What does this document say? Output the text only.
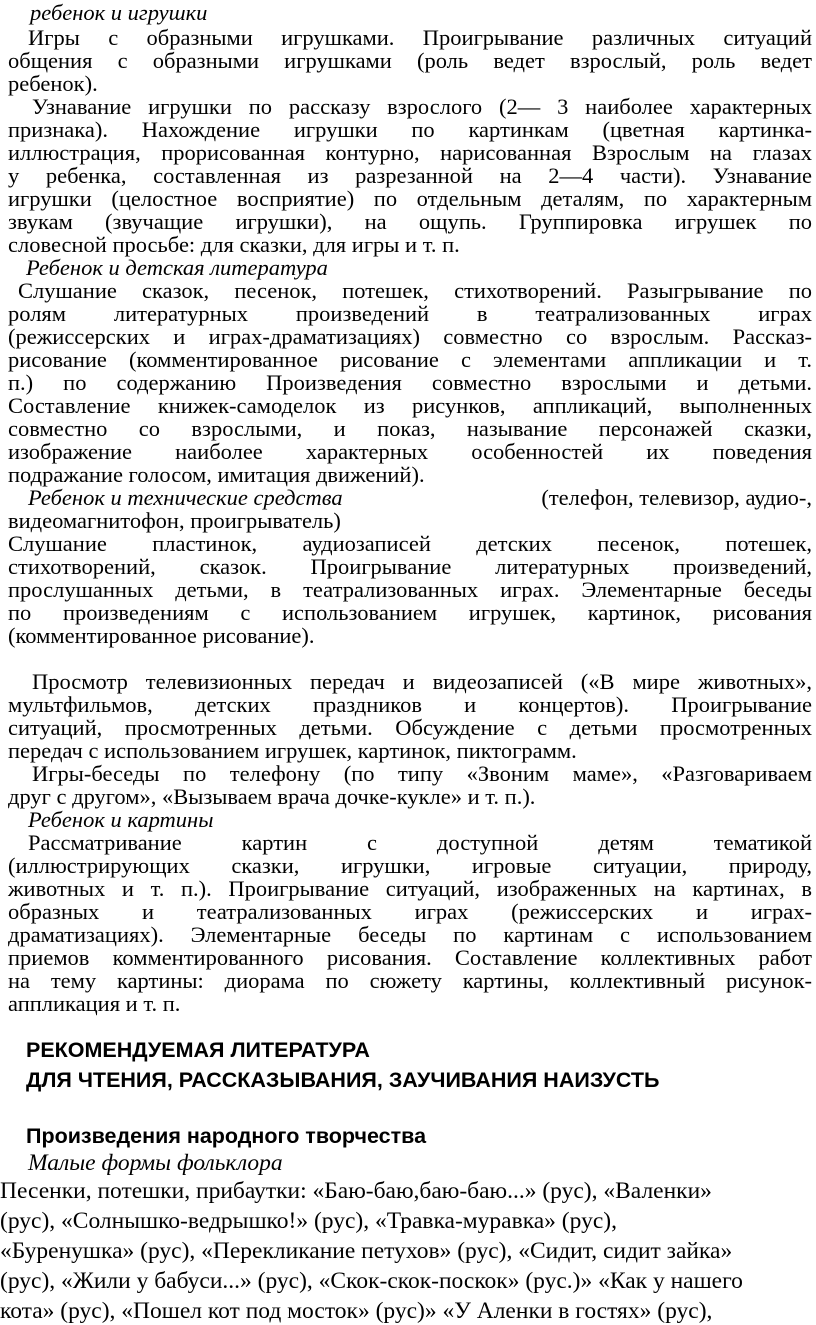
ребенок и игрушки
Игры с образными игрушками. Проигрывание различных ситуаций
общения с образными игрушками (роль ведет взрослый, роль ведет
ребенок).
Узнавание игрушки по рассказу взрослого (2— 3 наиболее характерных
признака). Нахождение игрушки по картинкам (цветная картинка-
иллюстрация, прорисованная контурно, нарисованная Взрослым на глазах
у ребенка, составленная из разрезанной на 2—4 части). Узнавание
игрушки (целостное восприятие) по отдельным деталям, по характерным
звукам (звучащие игрушки), на ощупь. Группировка игрушек по
словесной просьбе: для сказки, для игры и т. п.
Ребенок и детская литература
Слушание сказок, песенок, потешек, стихотворений. Разыгрывание по
ролям литературных произведений в театрализованных играх
(режиссерских и играх-драматизациях) совместно со взрослым. Рассказ-
рисование (комментированное рисование с элементами аппликации и т.
п.) по содержанию Произведения совместно взрослыми и детьми.
Составление книжек-самоделок из рисунков, аппликаций, выполненных
совместно со взрослыми, и показ, называние персонажей сказки,
изображение наиболее характерных особенностей их поведения
подражание голосом, имитация движений).
Ребенок и технические средства	(телефон, телевизор, аудио-,
видеомагнитофон, проигрыватель)
Слушание пластинок, аудиозаписей детских песенок, потешек,
стихотворений, сказок. Проигрывание литературных произведений,
прослушанных детьми, в театрализованных играх. Элементарные беседы
по произведениям с использованием игрушек, картинок, рисования
(комментированное рисование).
Просмотр телевизионных передач и видеозаписей («В мире животных»,
мультфильмов, детских праздников и концертов). Проигрывание
ситуаций, просмотренных детьми. Обсуждение с детьми просмотренных
передач с использованием игрушек, картинок, пиктограмм.
Игры-беседы по телефону (по типу «Звоним маме», «Разговариваем
друг с другом», «Вызываем врача дочке-кукле» и т. п.).
Ребенок и картины
Рассматривание картин с доступной детям тематикой
(иллюстрирующих сказки, игрушки, игровые ситуации, природу,
животных и т. п.). Проигрывание ситуаций, изображенных на картинах, в
образных и театрализованных играх (режиссерских и играх-
драматизациях). Элементарные беседы по картинам с использованием
приемов комментированного рисования. Составление коллективных работ
на тему картины: диорама по сюжету картины, коллективный рисунок-
аппликация и т. п.
РЕКОМЕНДУЕМАЯ ЛИТЕРАТУРА
ДЛЯ ЧТЕНИЯ, РАССКАЗЫВАНИЯ, ЗАУЧИВАНИЯ НАИЗУСТЬ
Произведения народного творчества
Малые формы фольклора
Песенки, потешки, прибаутки: «Баю-баю,баю-баю...» (рус), «Валенки»
(рус), «Солнышко-ведрышко!» (рус), «Травка-муравка» (рус),
«Буренушка» (рус), «Перекликание петухов» (рус), «Сидит, сидит зайка»
(рус), «Жили у бабуси...» (рус), «Скок-скок-поскок» (рус.)» «Как у нашего
кота» (рус), «Пошел кот под мосток» (рус)» «У Аленки в гостях» (рус),
